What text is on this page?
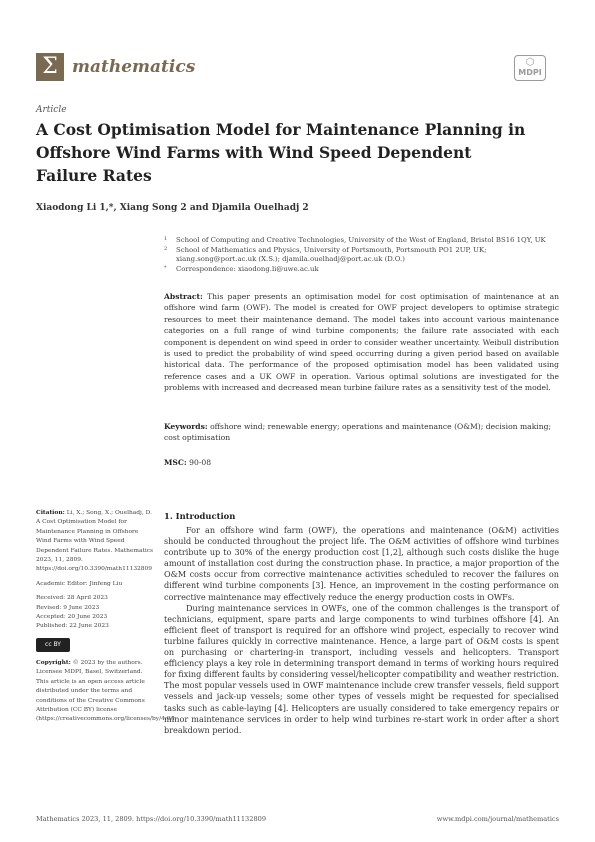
Σ mathematics	⬡
MDPI
Article
A Cost Optimisation Model for Maintenance Planning in Offshore Wind Farms with Wind Speed Dependent Failure Rates
Xiaodong Li 1,*, Xiang Song 2 and Djamila Ouelhadj 2
1 School of Computing and Creative Technologies, University of the West of England, Bristol BS16 1QY, UK
2 School of Mathematics and Physics, University of Portsmouth, Portsmouth PO1 2UP, UK; xiang.song@port.ac.uk (X.S.); djamila.ouelhadj@port.ac.uk (D.O.)
* Correspondence: xiaodong.li@uwe.ac.uk
Abstract: This paper presents an optimisation model for cost optimisation of maintenance at an offshore wind farm (OWF). The model is created for OWF project developers to optimise strategic resources to meet their maintenance demand. The model takes into account various maintenance categories on a full range of wind turbine components; the failure rate associated with each component is dependent on wind speed in order to consider weather uncertainty. Weibull distribution is used to predict the probability of wind speed occurring during a given period based on available historical data. The performance of the proposed optimisation model has been validated using reference cases and a UK OWF in operation. Various optimal solutions are investigated for the problems with increased and decreased mean turbine failure rates as a sensitivity test of the model.
Keywords: offshore wind; renewable energy; operations and maintenance (O&M); decision making; cost optimisation
MSC: 90-08

Citation: Li, X.; Song, X.; Ouelhadj, D. A Cost Optimisation Model for Maintenance Planning in Offshore Wind Farms with Wind Speed Dependent Failure Rates. Mathematics 2023, 11, 2809. https://doi.org/10.3390/math11132809

Academic Editor: Jinfeng Liu

Received: 28 April 2023
Revised: 9 June 2023
Accepted: 20 June 2023
Published: 22 June 2023
cc BY

Copyright: © 2023 by the authors. Licensee MDPI, Basel, Switzerland. This article is an open access article distributed under the terms and conditions of the Creative Commons Attribution (CC BY) license (https://creativecommons.org/licenses/by/4.0/).

1. Introduction

For an offshore wind farm (OWF), the operations and maintenance (O&M) activities should be conducted throughout the project life. The O&M activities of offshore wind turbines contribute up to 30% of the energy production cost [1,2], although such costs dislike the huge amount of installation cost during the construction phase. In practice, a major proportion of the O&M costs occur from corrective maintenance activities scheduled to recover the failures on different wind turbine components [3]. Hence, an improvement in the costing performance on corrective maintenance may effectively reduce the energy production costs in OWFs.

During maintenance services in OWFs, one of the common challenges is the transport of technicians, equipment, spare parts and large components to wind turbines offshore [4]. An efficient fleet of transport is required for an offshore wind project, especially to recover wind turbine failures quickly in corrective maintenance. Hence, a large part of O&M costs is spent on purchasing or chartering-in transport, including vessels and helicopters. Transport efficiency plays a key role in determining transport demand in terms of working hours required for fixing different faults by considering vessel/helicopter compatibility and weather restriction. The most popular vessels used in OWF maintenance include crew transfer vessels, field support vessels and jack-up vessels; some other types of vessels might be requested for specialised tasks such as cable-laying [4]. Helicopters are usually considered to take emergency repairs or minor maintenance services in order to help wind turbines re-start work in order after a short breakdown period.

Mathematics 2023, 11, 2809. https://doi.org/10.3390/math11132809	www.mdpi.com/journal/mathematics
